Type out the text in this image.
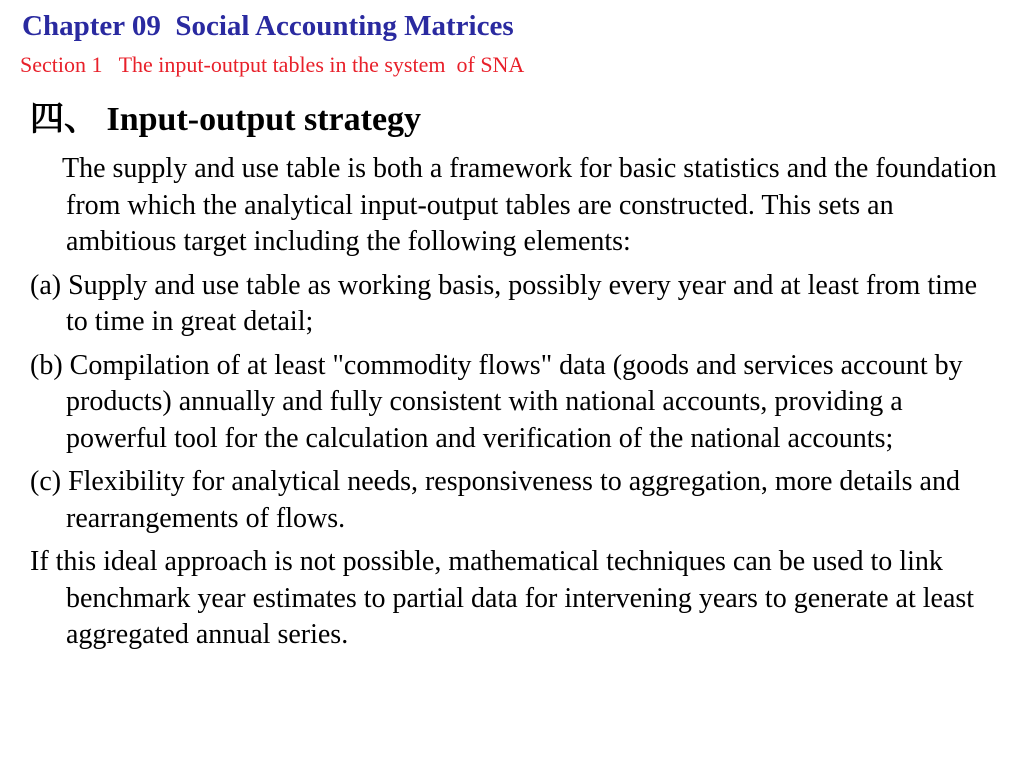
Chapter 09  Social Accounting Matrices
Section 1   The input-output tables in the system  of SNA
四、 Input-output strategy

The supply and use table is both a framework for basic statistics and the foundation from which the analytical input-output tables are constructed. This sets an ambitious target including the following elements:

(a) Supply and use table as working basis, possibly every year and at least from time to time in great detail;

(b) Compilation of at least "commodity flows" data (goods and services account by products) annually and fully consistent with national accounts, providing a powerful tool for the calculation and verification of the national accounts;

(c) Flexibility for analytical needs, responsiveness to aggregation, more details and rearrangements of flows.

If this ideal approach is not possible, mathematical techniques can be used to link benchmark year estimates to partial data for intervening years to generate at least aggregated annual series.
